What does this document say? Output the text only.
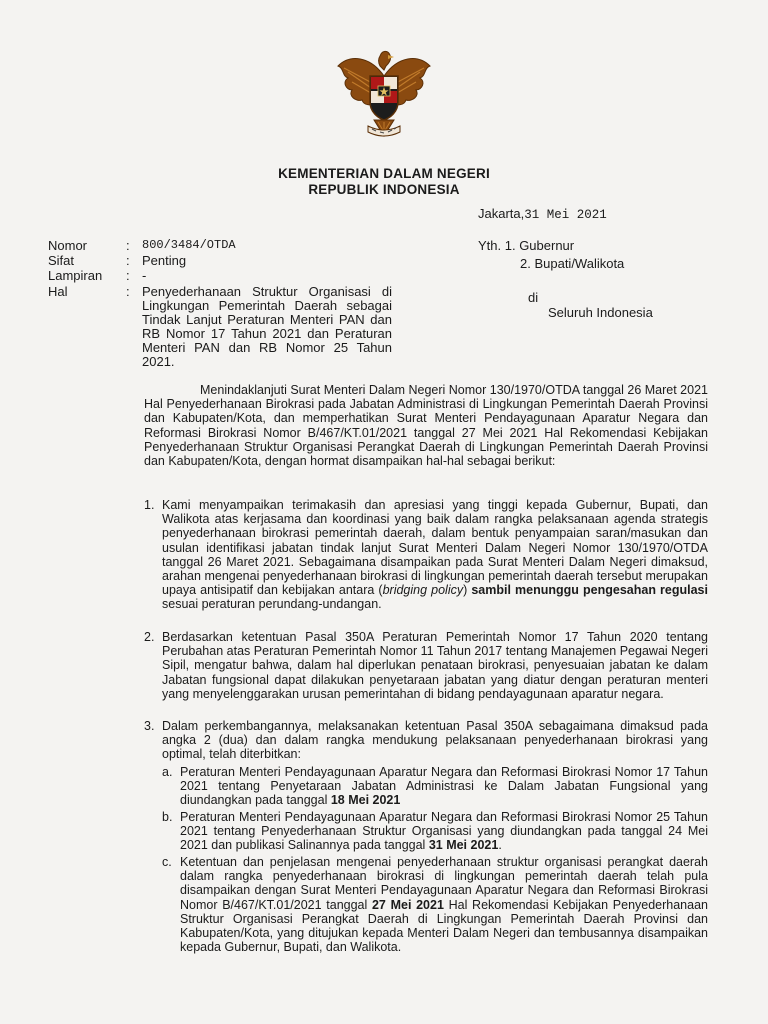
KEMENTERIAN DALAM NEGERI
REPUBLIK INDONESIA
Jakarta,31 Mei 2021
Nomor	: 800/3484/OTDA
Sifat	: Penting
Lampiran	: -
Hal	: Penyederhanaan Struktur Organisasi di Lingkungan Pemerintah Daerah sebagai Tindak Lanjut Peraturan Menteri PAN dan RB Nomor 17 Tahun 2021 dan Peraturan Menteri PAN dan RB Nomor 25 Tahun 2021.
Yth. 1. Gubernur
2. Bupati/Walikota
di
Seluruh Indonesia
Menindaklanjuti Surat Menteri Dalam Negeri Nomor 130/1970/OTDA tanggal 26 Maret 2021 Hal Penyederhanaan Birokrasi pada Jabatan Administrasi di Lingkungan Pemerintah Daerah Provinsi dan Kabupaten/Kota, dan memperhatikan Surat Menteri Pendayagunaan Aparatur Negara dan Reformasi Birokrasi Nomor B/467/KT.01/2021 tanggal 27 Mei 2021 Hal Rekomendasi Kebijakan Penyederhanaan Struktur Organisasi Perangkat Daerah di Lingkungan Pemerintah Daerah Provinsi dan Kabupaten/Kota, dengan hormat disampaikan hal-hal sebagai berikut:
1. Kami menyampaikan terimakasih dan apresiasi yang tinggi kepada Gubernur, Bupati, dan Walikota atas kerjasama dan koordinasi yang baik dalam rangka pelaksanaan agenda strategis penyederhanaan birokrasi pemerintah daerah, dalam bentuk penyampaian saran/masukan dan usulan identifikasi jabatan tindak lanjut Surat Menteri Dalam Negeri Nomor 130/1970/OTDA tanggal 26 Maret 2021. Sebagaimana disampaikan pada Surat Menteri Dalam Negeri dimaksud, arahan mengenai penyederhanaan birokrasi di lingkungan pemerintah daerah tersebut merupakan upaya antisipatif dan kebijakan antara (bridging policy) sambil menunggu pengesahan regulasi sesuai peraturan perundang-undangan.
2. Berdasarkan ketentuan Pasal 350A Peraturan Pemerintah Nomor 17 Tahun 2020 tentang Perubahan atas Peraturan Pemerintah Nomor 11 Tahun 2017 tentang Manajemen Pegawai Negeri Sipil, mengatur bahwa, dalam hal diperlukan penataan birokrasi, penyesuaian jabatan ke dalam Jabatan fungsional dapat dilakukan penyetaraan jabatan yang diatur dengan peraturan menteri yang menyelenggarakan urusan pemerintahan di bidang pendayagunaan aparatur negara.
3. Dalam perkembangannya, melaksanakan ketentuan Pasal 350A sebagaimana dimaksud pada angka 2 (dua) dan dalam rangka mendukung pelaksanaan penyederhanaan birokrasi yang optimal, telah diterbitkan:
a. Peraturan Menteri Pendayagunaan Aparatur Negara dan Reformasi Birokrasi Nomor 17 Tahun 2021 tentang Penyetaraan Jabatan Administrasi ke Dalam Jabatan Fungsional yang diundangkan pada tanggal 18 Mei 2021
b. Peraturan Menteri Pendayagunaan Aparatur Negara dan Reformasi Birokrasi Nomor 25 Tahun 2021 tentang Penyederhanaan Struktur Organisasi yang diundangkan pada tanggal 24 Mei 2021 dan publikasi Salinannya pada tanggal 31 Mei 2021.
c. Ketentuan dan penjelasan mengenai penyederhanaan struktur organisasi perangkat daerah dalam rangka penyederhanaan birokrasi di lingkungan pemerintah daerah telah pula disampaikan dengan Surat Menteri Pendayagunaan Aparatur Negara dan Reformasi Birokrasi Nomor B/467/KT.01/2021 tanggal 27 Mei 2021 Hal Rekomendasi Kebijakan Penyederhanaan Struktur Organisasi Perangkat Daerah di Lingkungan Pemerintah Daerah Provinsi dan Kabupaten/Kota, yang ditujukan kepada Menteri Dalam Negeri dan tembusannya disampaikan kepada Gubernur, Bupati, dan Walikota.
